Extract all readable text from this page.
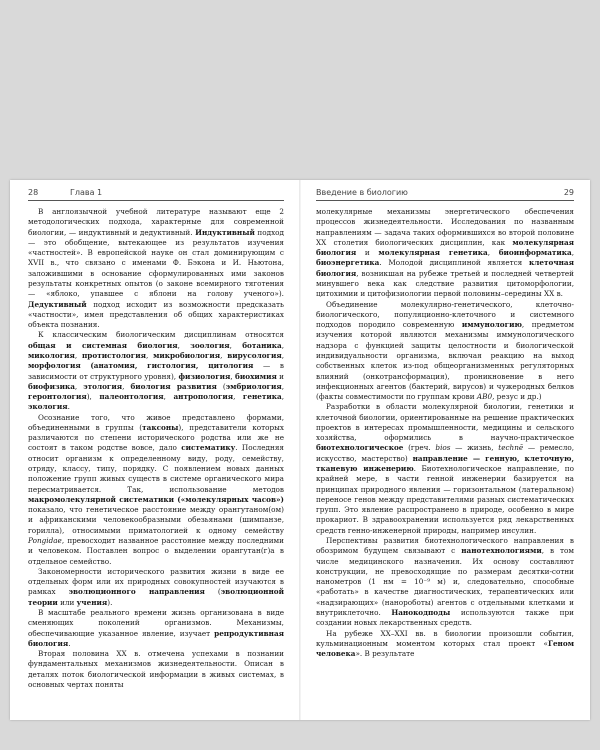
28	Глава 1

В англоязычной учебной литературе называют еще 2 методологических подхода, характерные для современной биологии, — индуктивный и дедуктивный. Индуктивный подход — это обобщение, вытекающее из результатов изучения «частностей». В европейской науке он стал доминирующим с XVII в., что связано с именами Ф. Бэкона и И. Ньютона, заложившими в основание сформулированных ими законов результаты конкретных опытов (о законе всемирного тяготения — «яблоко, упавшее с яблони на голову ученого»). Дедуктивный подход исходит из возможности предсказать «частности», имея представления об общих характеристиках объекта познания.

К классическим биологическим дисциплинам относятся общая и системная биология, зоология, ботаника, микология, протистология, микробиология, вирусология, морфология (анатомия, гистология, цитология — в зависимости от структурного уровня), физиология, биохимия и биофизика, этология, биология развития (эмбриология, геронтология), палеонтология, антропология, генетика, экология.

Осознание того, что живое представлено формами, объединенными в группы (таксоны), представители которых различаются по степени исторического родства или же не состоят в таком родстве вовсе, дало систематику. Последняя относит организм к определенному виду, роду, семейству, отряду, классу, типу, порядку. С появлением новых данных положение групп живых существ в системе органического мира пересматривается. Так, использование методов макромолекулярной систематики («молекулярных часов») показало, что генетическое расстояние между орангутаном(ом) и африканскими человекообразными обезьянами (шимпанзе, горилла), относимыми приматологией к одному семейству Pongidae, превосходит названное расстояние между последними и человеком. Поставлен вопрос о выделении орангутан(г)а в отдельное семейство.

Закономерности исторического развития жизни в виде ее отдельных форм или их природных совокупностей изучаются в рамках эволюционного направления (эволюционной теории или учения).

В масштабе реального времени жизнь организована в виде сменяющих поколений организмов. Механизмы, обеспечивающие указанное явление, изучает репродуктивная биология.

Вторая половина XX в. отмечена успехами в познании фундаментальных механизмов жизнедеятельности. Описан в деталях поток биологической информации в живых системах, в основных чертах поняты

Введение в биологию	29

молекулярные механизмы энергетического обеспечения процессов жизнедеятельности. Исследования по названным направлениям — задача таких оформившихся во второй половине XX столетия биологических дисциплин, как молекулярная биология и молекулярная генетика, биоинформатика, биоэнергетика. Молодой дисциплиной является клеточная биология, возникшая на рубеже третьей и последней четвертей минувшего века как следствие развития цитоморфологии, цитохимии и цитофизиологии первой половины–середины XX в.

Объединение молекулярно-генетического, клеточно-биологического, популяционно-клеточного и системного подходов породило современную иммунологию, предметом изучения которой являются механизмы иммунологического надзора с функцией защиты целостности и биологической индивидуальности организма, включая реакцию на выход собственных клеток из-под общеорганизменных регуляторных влияний (онкотрансформация), проникновение в него инфекционных агентов (бактерий, вирусов) и чужеродных белков (факты совместимости по группам крови AB0, резус и др.)

Разработки в области молекулярной биологии, генетики и клеточной биологии, ориентированные на решение практических проектов в интересах промышленности, медицины и сельского хозяйства, оформились в научно-практическое биотехнологическое (греч. bios — жизнь, technē — ремесло, искусство, мастерство) направление — генную, клеточную, тканевую инженерию. Биотехнологическое направление, по крайней мере, в части генной инженерии базируется на принципах природного явления — горизонтальном (латеральном) переносе генов между представителями разных систематических групп. Это явление распространено в природе, особенно в мире прокариот. В здравоохранении используется ряд лекарственных средств генно-инженерной природы, например инсулин.

Перспективы развития биотехнологического направления в обозримом будущем связывают с нанотехнологиями, в том числе медицинского назначения. Их основу составляют конструкции, не превосходящие по размерам десятки-сотни нанометров (1 нм = 10⁻⁹ м) и, следовательно, способные «работать» в качестве диагностических, терапевтических или «надзирающих» (нанороботы) агентов с отдельными клетками и внутриклеточно. Нанокодподы используются также при создании новых лекарственных средств.

На рубеже XX–XXI вв. в биологии произошли события, кульминационным моментом которых стал проект «Геном человека». В результате
